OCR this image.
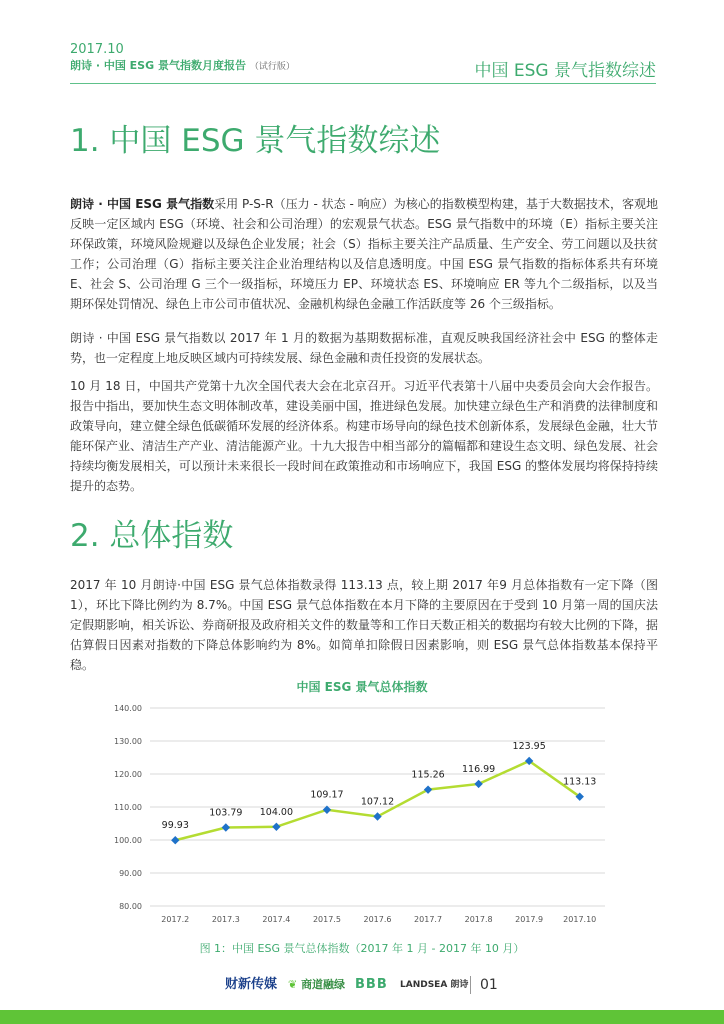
2017.10
朗诗 · 中国 ESG 景气指数月度报告 （试行版）	中国 ESG 景气指数综述
1. 中国 ESG 景气指数综述

朗诗 · 中国 ESG 景气指数采用 P-S-R（压力 - 状态 - 响应）为核心的指数模型构建，基于大数据技术，客观地反映一定区域内 ESG（环境、社会和公司治理）的宏观景气状态。ESG 景气指数中的环境（E）指标主要关注环保政策，环境风险规避以及绿色企业发展；社会（S）指标主要关注产品质量、生产安全、劳工问题以及扶贫工作；公司治理（G）指标主要关注企业治理结构以及信息透明度。中国 ESG 景气指数的指标体系共有环境 E、社会 S、公司治理 G 三个一级指标，环境压力 EP、环境状态 ES、环境响应 ER 等九个二级指标，以及当期环保处罚情况、绿色上市公司市值状况、金融机构绿色金融工作活跃度等 26 个三级指标。

朗诗 · 中国 ESG 景气指数以 2017 年 1 月的数据为基期数据标准，直观反映我国经济社会中 ESG 的整体走势，也一定程度上地反映区域内可持续发展、绿色金融和责任投资的发展状态。

10 月 18 日，中国共产党第十九次全国代表大会在北京召开。习近平代表第十八届中央委员会向大会作报告。报告中指出，要加快生态文明体制改革，建设美丽中国，推进绿色发展。加快建立绿色生产和消费的法律制度和政策导向，建立健全绿色低碳循环发展的经济体系。构建市场导向的绿色技术创新体系，发展绿色金融，壮大节能环保产业、清洁生产产业、清洁能源产业。十九大报告中相当部分的篇幅都和建设生态文明、绿色发展、社会持续均衡发展相关，可以预计未来很长一段时间在政策推动和市场响应下，我国 ESG 的整体发展均将保持持续提升的态势。

2. 总体指数

2017 年 10 月朗诗·中国 ESG 景气总体指数录得 113.13 点，较上期 2017 年9 月总体指数有一定下降（图 1），环比下降比例约为 8.7%。中国 ESG 景气总体指数在本月下降的主要原因在于受到 10 月第一周的国庆法定假期影响，相关诉讼、券商研报及政府相关文件的数量等和工作日天数正相关的数据均有较大比例的下降，据估算假日因素对指数的下降总体影响约为 8%。如简单扣除假日因素影响，则 ESG 景气总体指数基本保持平稳。

中国 ESG 景气总体指数
80.00
90.00
100.00
110.00
120.00
130.00
140.00
2017.2	2017.3	2017.4	2017.5	2017.6	2017.7	2017.8	2017.9	2017.10
99.93
103.79 104.00
109.17
107.12
115.26
116.99
123.95
113.13
图 1：中国 ESG 景气总体指数（2017 年 1 月 - 2017 年 10 月）
财新传媒 ❦ 商道融绿 BBB LANDSEA 朗诗 01
